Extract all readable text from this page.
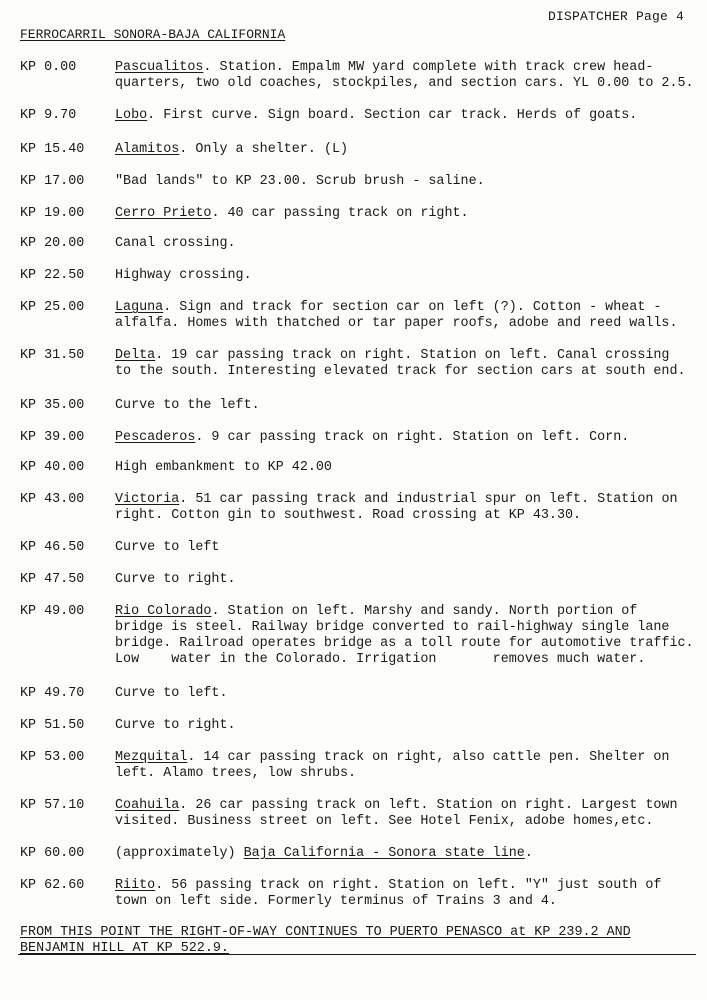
DISPATCHER Page 4
FERROCARRIL SONORA-BAJA CALIFORNIA
KP 0.00	Pascualitos. Station. Empalm MW yard complete with track crew head-
quarters, two old coaches, stockpiles, and section cars. YL 0.00 to 2.5.
KP 9.70	Lobo. First curve. Sign board. Section car track. Herds of goats.
KP 15.40 Alamitos. Only a shelter. (L)
KP 17.00 "Bad lands" to KP 23.00. Scrub brush - saline.
KP 19.00 Cerro Prieto. 40 car passing track on right.
KP 20.00 Canal crossing.
KP 22.50 Highway crossing.
KP 25.00 Laguna. Sign and track for section car on left (?). Cotton - wheat -
alfalfa. Homes with thatched or tar paper roofs, adobe and reed walls.
KP 31.50 Delta. 19 car passing track on right. Station on left. Canal crossing
to the south. Interesting elevated track for section cars at south end.
KP 35.00 Curve to the left.
KP 39.00 Pescaderos. 9 car passing track on right. Station on left. Corn.
KP 40.00 High embankment to KP 42.00
KP 43.00 Victoria. 51 car passing track and industrial spur on left. Station on
right. Cotton gin to southwest. Road crossing at KP 43.30.
KP 46.50 Curve to left
KP 47.50 Curve to right.
KP 49.00 Rio Colorado. Station on left. Marshy and sandy. North portion of
bridge is steel. Railway bridge converted to rail-highway single lane
bridge. Railroad operates bridge as a toll route for automotive traffic.
Low    water in the Colorado. Irrigation       removes much water.
KP 49.70 Curve to left.
KP 51.50 Curve to right.
KP 53.00 Mezquital. 14 car passing track on right, also cattle pen. Shelter on
left. Alamo trees, low shrubs.
KP 57.10 Coahuila. 26 car passing track on left. Station on right. Largest town
visited. Business street on left. See Hotel Fenix, adobe homes,etc.
KP 60.00 (approximately) Baja California - Sonora state line.
KP 62.60 Riito. 56 passing track on right. Station on left. "Y" just south of
town on left side. Formerly terminus of Trains 3 and 4.
FROM THIS POINT THE RIGHT-OF-WAY CONTINUES TO PUERTO PENASCO at KP 239.2 AND
BENJAMIN HILL AT KP 522.9.
